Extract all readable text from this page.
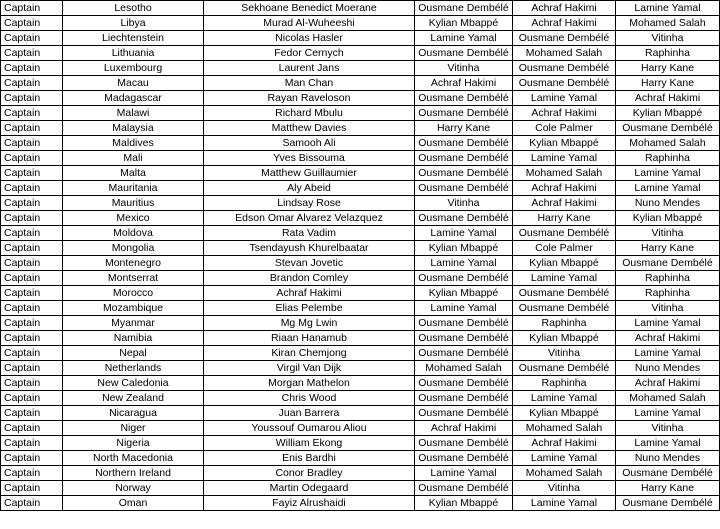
Captain	Lesotho	Sekhoane Benedict Moerane	Ousmane Dembélé	Achraf Hakimi	Lamine Yamal
Captain	Libya	Murad Al-Wuheeshi	Kylian Mbappé	Achraf Hakimi	Mohamed Salah
Captain	Liechtenstein	Nicolas Hasler	Lamine Yamal	Ousmane Dembélé	Vitinha
Captain	Lithuania	Fedor Cernych	Ousmane Dembélé	Mohamed Salah	Raphinha
Captain	Luxembourg	Laurent Jans	Vitinha	Ousmane Dembélé	Harry Kane
Captain	Macau	Man Chan	Achraf Hakimi	Ousmane Dembélé	Harry Kane
Captain	Madagascar	Rayan Raveloson	Ousmane Dembélé	Lamine Yamal	Achraf Hakimi
Captain	Malawi	Richard Mbulu	Ousmane Dembélé	Achraf Hakimi	Kylian Mbappé
Captain	Malaysia	Matthew Davies	Harry Kane	Cole Palmer	Ousmane Dembélé
Captain	Maldives	Samooh Ali	Ousmane Dembélé	Kylian Mbappé	Mohamed Salah
Captain	Mali	Yves Bissouma	Ousmane Dembélé	Lamine Yamal	Raphinha
Captain	Malta	Matthew Guillaumier	Ousmane Dembélé	Mohamed Salah	Lamine Yamal
Captain	Mauritania	Aly Abeid	Ousmane Dembélé	Achraf Hakimi	Lamine Yamal
Captain	Mauritius	Lindsay Rose	Vitinha	Achraf Hakimi	Nuno Mendes
Captain	Mexico	Edson Omar Alvarez Velazquez	Ousmane Dembélé	Harry Kane	Kylian Mbappé
Captain	Moldova	Rata Vadim	Lamine Yamal	Ousmane Dembélé	Vitinha
Captain	Mongolia	Tsendayush Khurelbaatar	Kylian Mbappé	Cole Palmer	Harry Kane
Captain	Montenegro	Stevan Jovetic	Lamine Yamal	Kylian Mbappé	Ousmane Dembélé
Captain	Montserrat	Brandon Comley	Ousmane Dembélé	Lamine Yamal	Raphinha
Captain	Morocco	Achraf Hakimi	Kylian Mbappé	Ousmane Dembélé	Raphinha
Captain	Mozambique	Elias Pelembe	Lamine Yamal	Ousmane Dembélé	Vitinha
Captain	Myanmar	Mg Mg Lwin	Ousmane Dembélé	Raphinha	Lamine Yamal
Captain	Namibia	Riaan Hanamub	Ousmane Dembélé	Kylian Mbappé	Achraf Hakimi
Captain	Nepal	Kiran Chemjong	Ousmane Dembélé	Vitinha	Lamine Yamal
Captain	Netherlands	Virgil Van Dijk	Mohamed Salah	Ousmane Dembélé	Nuno Mendes
Captain	New Caledonia	Morgan Mathelon	Ousmane Dembélé	Raphinha	Achraf Hakimi
Captain	New Zealand	Chris Wood	Ousmane Dembélé	Lamine Yamal	Mohamed Salah
Captain	Nicaragua	Juan Barrera	Ousmane Dembélé	Kylian Mbappé	Lamine Yamal
Captain	Niger	Youssouf Oumarou Aliou	Achraf Hakimi	Mohamed Salah	Vitinha
Captain	Nigeria	William Ekong	Ousmane Dembélé	Achraf Hakimi	Lamine Yamal
Captain	North Macedonia	Enis Bardhi	Ousmane Dembélé	Lamine Yamal	Nuno Mendes
Captain	Northern Ireland	Conor Bradley	Lamine Yamal	Mohamed Salah	Ousmane Dembélé
Captain	Norway	Martin Odegaard	Ousmane Dembélé	Vitinha	Harry Kane
Captain	Oman	Fayiz Alrushaidi	Kylian Mbappé	Lamine Yamal	Ousmane Dembélé
